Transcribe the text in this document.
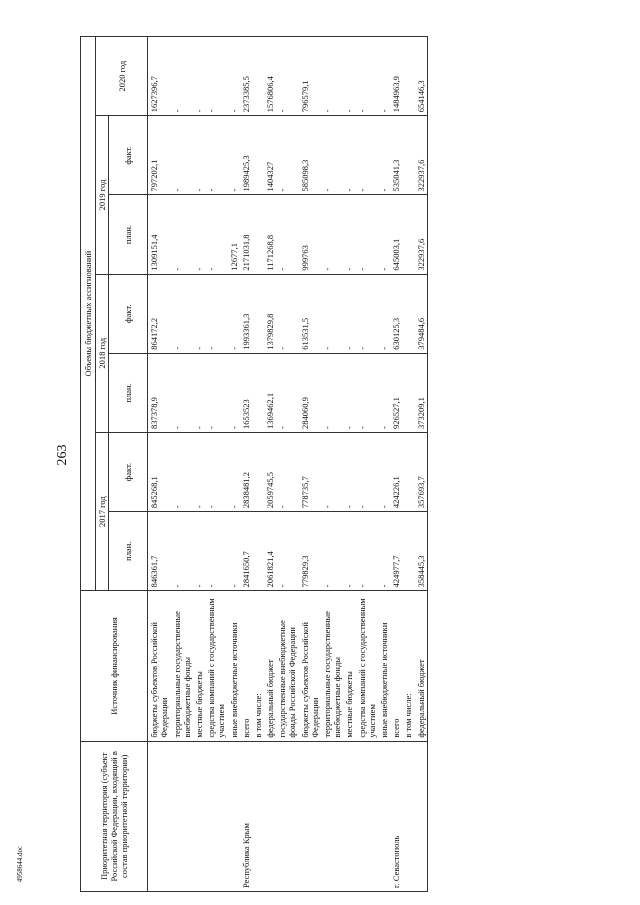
263
4958644.doc	Приоритетная территория (субъект Российской Федерации, входящий в состав приоритетной территории)	Источник финансирования	Объемы бюджетных ассигнований						
		2017 год		2018 год		2019 год		2020 год
		план.	факт.	план.	факт.	план.	факт.	
	бюджеты субъектов Российской Федерации	846361,7	845268,1	837378,9	864172,2	1309151,4	797202,1	1627396,7
	территориальные государственные внебюджетные фонды	-	-	-	-	-	-	-
	местные бюджеты	-	-	-	-	-	-	-
	средства компаний с государственным участием	-	-	-	-	-	-	-
	иные внебюджетные источники	-	-	-	-	12677,1	-	-
Республика Крым	всего	2841650,7	2838481,2	1653523	1993361,3	2171031,8	1989425,3	2373385,5
	в том числе:							
	федеральный бюджет	2061821,4	2059745,5	1369462,1	1379829,8	1171268,8	1404327	1576806,4
	государственные внебюджетные фонды Российской Федерации	-	-	-	-	-	-	-
	бюджеты субъектов Российской Федерации	779829,3	778735,7	284060,9	613531,5	999763	585098,3	796579,1
	территориальные государственные внебюджетные фонды	-	-	-	-	-	-	-
	местные бюджеты	-	-	-	-	-	-	-
	средства компаний с государственным участием	-	-	-	-	-	-	-
	иные внебюджетные источники	-	-	-	-	-	-	-
г. Севастополь	всего	424977,7	424226,1	926527,1	630125,3	645003,1	535041,3	1484963,9
	в том числе:							
	федеральный бюджет	358445,3	357693,7	373209,1	379484,6	322937,6	322937,6	654146,3
